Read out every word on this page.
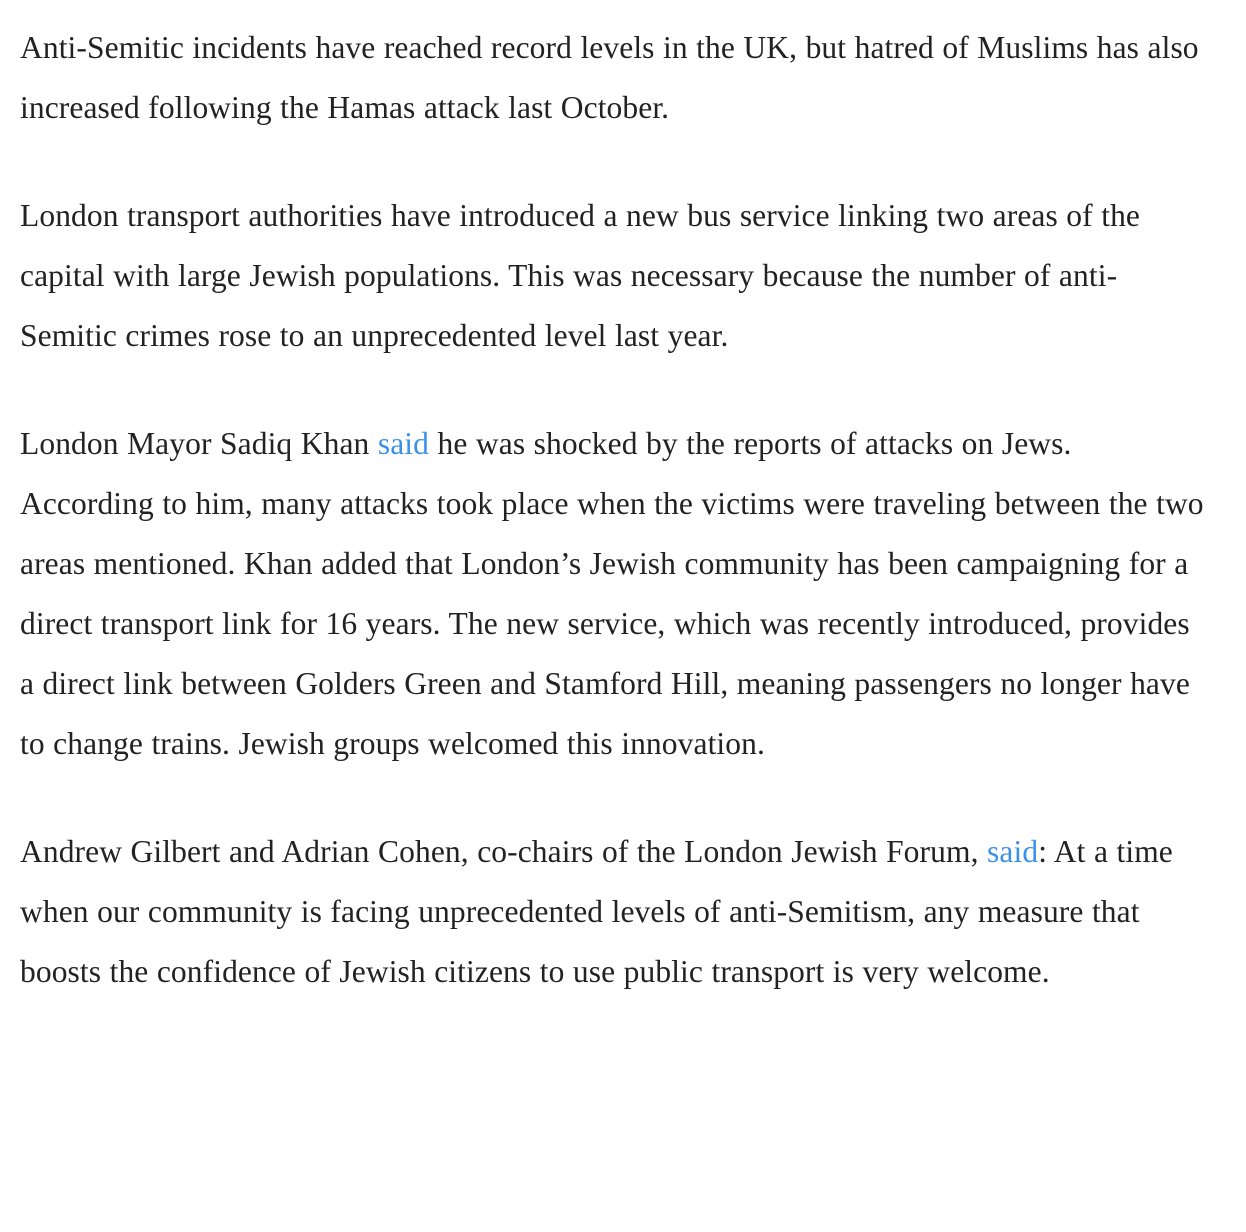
Anti-Semitic incidents have reached record levels in the UK, but hatred of Muslims has also increased following the Hamas attack last October.

London transport authorities have introduced a new bus service linking two areas of the capital with large Jewish populations. This was necessary because the number of anti-Semitic crimes rose to an unprecedented level last year.

London Mayor Sadiq Khan said he was shocked by the reports of attacks on Jews. According to him, many attacks took place when the victims were traveling between the two areas mentioned. Khan added that London’s Jewish community has been campaigning for a direct transport link for 16 years. The new service, which was recently introduced, provides a direct link between Golders Green and Stamford Hill, meaning passengers no longer have to change trains. Jewish groups welcomed this innovation.

Andrew Gilbert and Adrian Cohen, co-chairs of the London Jewish Forum, said: At a time when our community is facing unprecedented levels of anti-Semitism, any measure that boosts the confidence of Jewish citizens to use public transport is very welcome.
